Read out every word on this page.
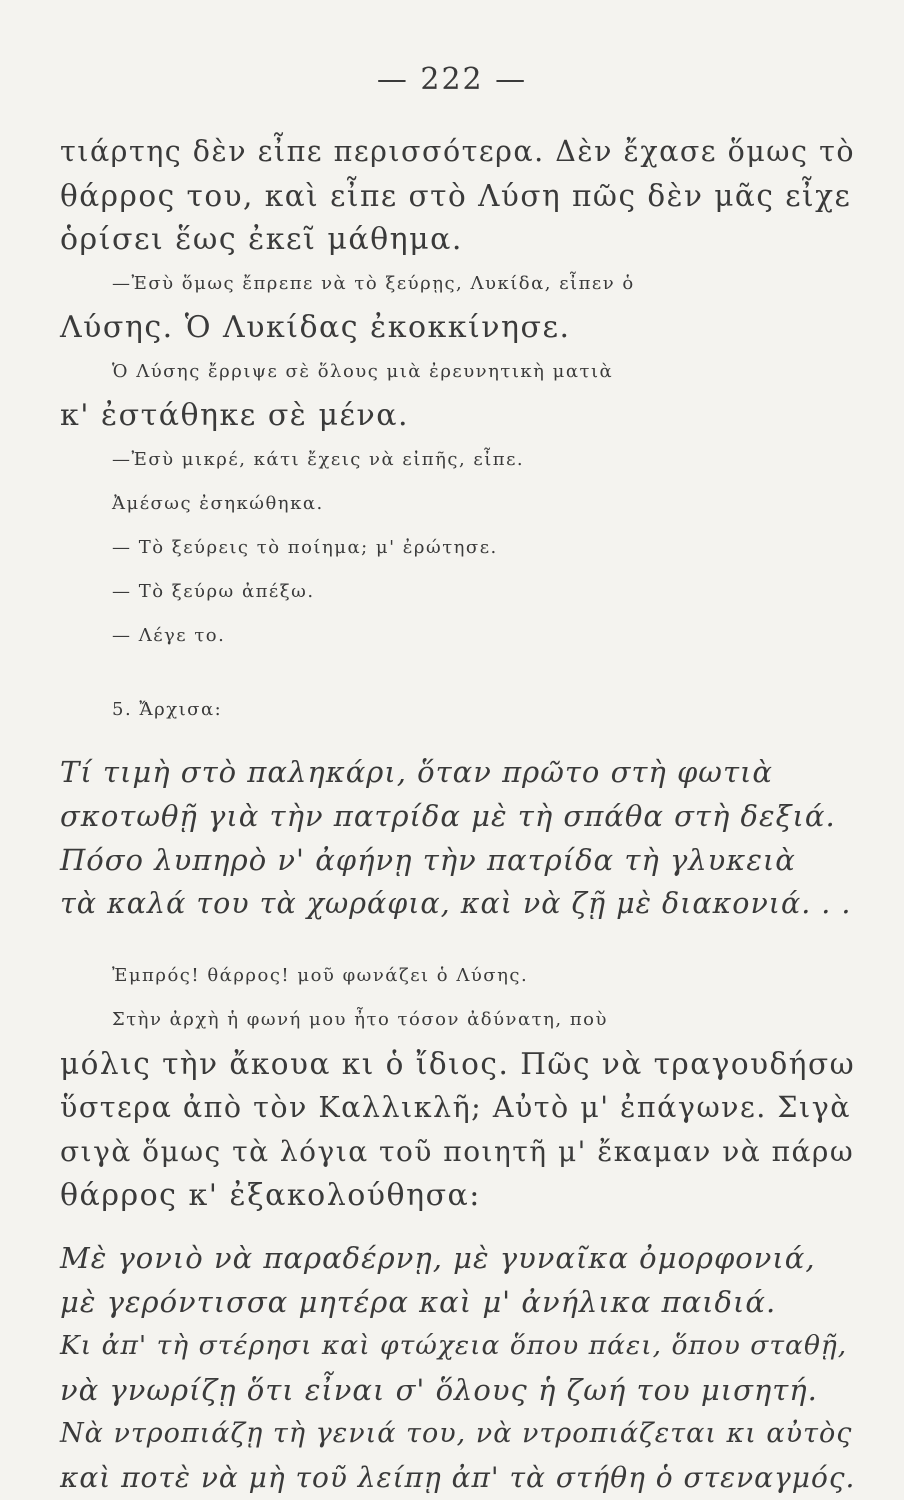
— 222 —
τιάρτης δὲν εἶπε περισσότερα. Δὲν ἔχασε ὅμως τὸ
θάρρος του, καὶ εἶπε στὸ Λύση πῶς δὲν μᾶς εἶχε
ὁρίσει ἕως ἐκεῖ μάθημα.
—Ἐσὺ ὅμως ἔπρεπε νὰ τὸ ξεύρῃς, Λυκίδα, εἶπεν ὁ
Λύσης. Ὁ Λυκίδας ἐκοκκίνησε.
Ὁ Λύσης ἔρριψε σὲ ὅλους μιὰ ἐρευνητικὴ ματιὰ
κ' ἐστάθηκε σὲ μένα.
—Ἐσὺ μικρέ, κάτι ἔχεις νὰ εἰπῆς, εἶπε.
Ἀμέσως ἐσηκώθηκα.
— Τὸ ξεύρεις τὸ ποίημα; μ' ἐρώτησε.
— Τὸ ξεύρω ἀπέξω.
— Λέγε το.
5. Ἄρχισα:
Τί τιμὴ στὸ παληκάρι, ὅταν πρῶτο στὴ φωτιὰ
σκοτωθῇ γιὰ τὴν πατρίδα μὲ τὴ σπάθα στὴ δεξιά.
Πόσο λυπηρὸ ν' ἀφήνῃ τὴν πατρίδα τὴ γλυκειὰ
τὰ καλά του τὰ χωράφια, καὶ νὰ ζῇ μὲ διακονιά. . .
Ἐμπρός! θάρρος! μοῦ φωνάζει ὁ Λύσης.
Στὴν ἀρχὴ ἡ φωνή μου ἦτο τόσον ἀδύνατη, ποὺ
μόλις τὴν ἄκουα κι ὁ ἴδιος. Πῶς νὰ τραγουδήσω
ὕστερα ἀπὸ τὸν Καλλικλῆ; Αὐτὸ μ' ἐπάγωνε. Σιγὰ
σιγὰ ὅμως τὰ λόγια τοῦ ποιητῆ μ' ἔκαμαν νὰ πάρω
θάρρος κ' ἐξακολούθησα:
Μὲ γονιὸ νὰ παραδέρνῃ, μὲ γυναῖκα ὀμορφονιά,
μὲ γερόντισσα μητέρα καὶ μ' ἀνήλικα παιδιά.
Κι ἀπ' τὴ στέρησι καὶ φτώχεια ὅπου πάει, ὅπου σταθῇ,
νὰ γνωρίζῃ ὅτι εἶναι σ' ὅλους ἡ ζωή του μισητή.
Νὰ ντροπιάζῃ τὴ γενιά του, νὰ ντροπιάζεται κι αὐτὸς
καὶ ποτὲ νὰ μὴ τοῦ λείπῃ ἀπ' τὰ στήθη ὁ στεναγμός.
